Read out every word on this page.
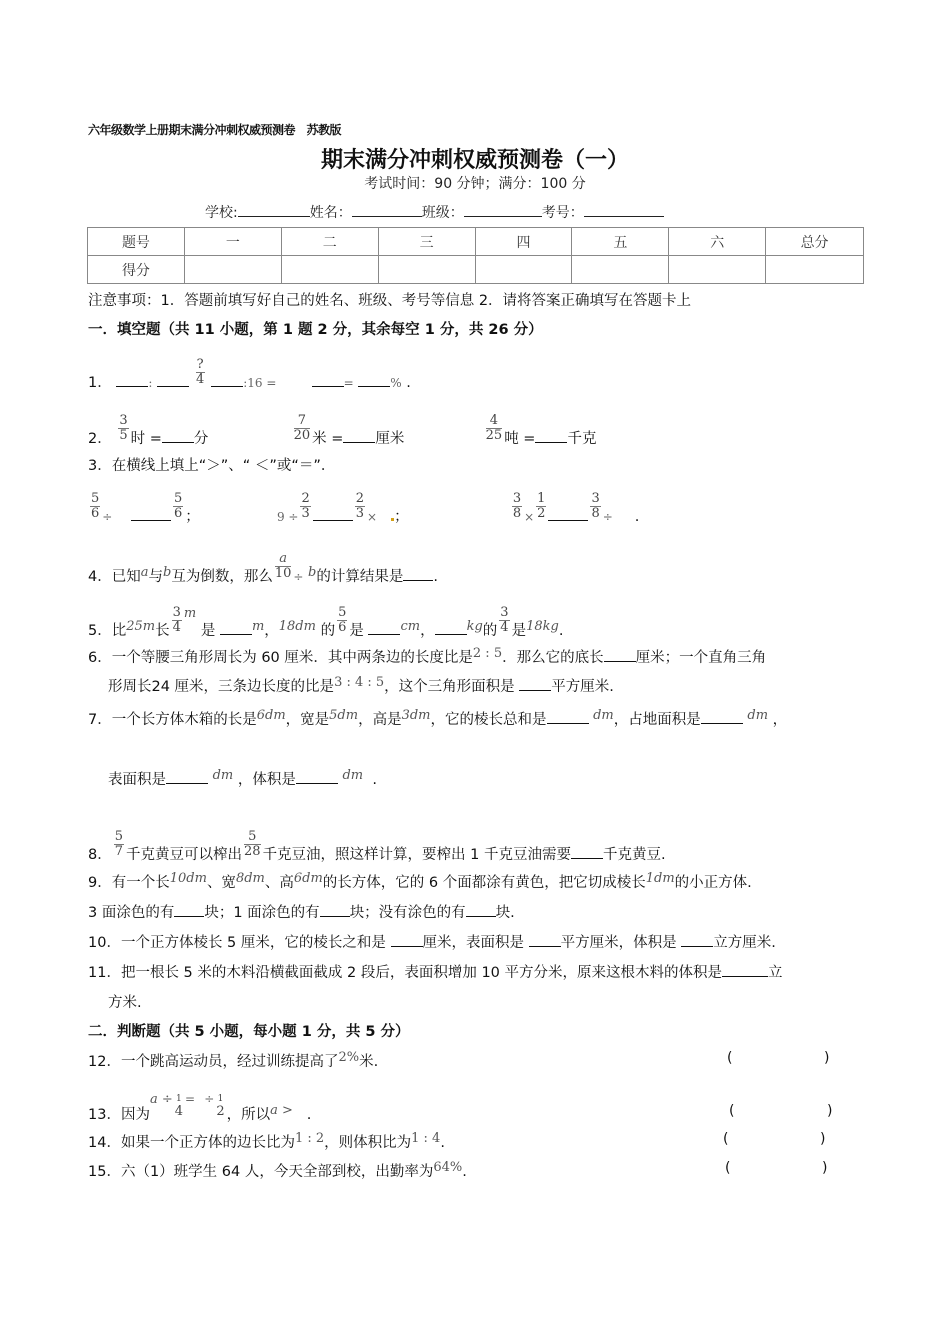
六年级数学上册期末满分冲刺权威预测卷　苏教版
期末满分冲刺权威预测卷（一）
考试时间：90 分钟；满分：100 分
学校:	姓名：	班级：	考号：
题号	一	二	三	四	五	六	总分
得分							
注意事项：1．答题前填写好自己的姓名、班级、考号等信息 2．请将答案正确填写在答题卡上
一．填空题（共 11 小题，第 1 题 2 分，其余每空 1 分，共 26 分）
1．	:	$\frac{?}{4}$	:16 =	=	% .
2． $\frac{3}{5}$ 时 = 分	$\frac{7}{20}$ 米 = 厘米	$\frac{4}{25}$ 吨 = 千克
3．在横线上填上“＞”、“ ＜”或“＝”．
$\frac{5}{6}$ ÷	$\frac{5}{6}$ ；	$9 \div \frac{2}{3}$	$\frac{2}{3}$ × ；	$\frac{3}{8} \times \frac{1}{2}$	$\frac{3}{8}$ ÷ .
4．已知a与b互为倒数，那么 $\frac{a}{10} \div b$的计算结果是 .
5．比25m长 $\frac{3}{4}$ m 是	m，18dm 的 $\frac{5}{6}$ 是	cm， kg的 $\frac{3}{4}$ 是18kg.
6．一个等腰三角形周长为 60 厘米．其中两条边的长度比是2 : 5．那么它的底长 厘米；一个直角三角
形周长24 厘米，三条边长度的比是3 : 4 : 5，这个三角形面积是	平方厘米.
7．一个长方体木箱的长是6dm，宽是5dm，高是3dm，它的棱长总和是	dm，占地面积是	dm ，
表面积是	dm ，体积是	dm .
8． $\frac{5}{7}$ 千克黄豆可以榨出 $\frac{5}{28}$ 千克豆油，照这样计算，要榨出 1 千克豆油需要 千克黄豆.
9．有一个长10dm、宽8dm、高6dm的长方体，它的 6 个面都涂有黄色，把它切成棱长1dm的小正方体.
3 面涂色的有 块；1 面涂色的有 块；没有涂色的有 块.
10．一个正方体棱长 5 厘米，它的棱长之和是	厘米，表面积是	平方厘米，体积是	立方厘米.
11．把一根长 5 米的木料沿横截面截成 2 段后，表面积增加 10 平方分米，原来这根木料的体积是	立
方米.
二．判断题（共 5 小题，每小题 1 分，共 5 分）
12．一个跳高运动员，经过训练提高了2%米.	(	)
13．因为a ÷ 1
4
= ÷ 1
2 ，所以a > .	(	)
14．如果一个正方体的边长比为1 : 2，则体积比为1 : 4.	(	)
15．六（1）班学生 64 人，今天全部到校，出勤率为64%.	(	)
